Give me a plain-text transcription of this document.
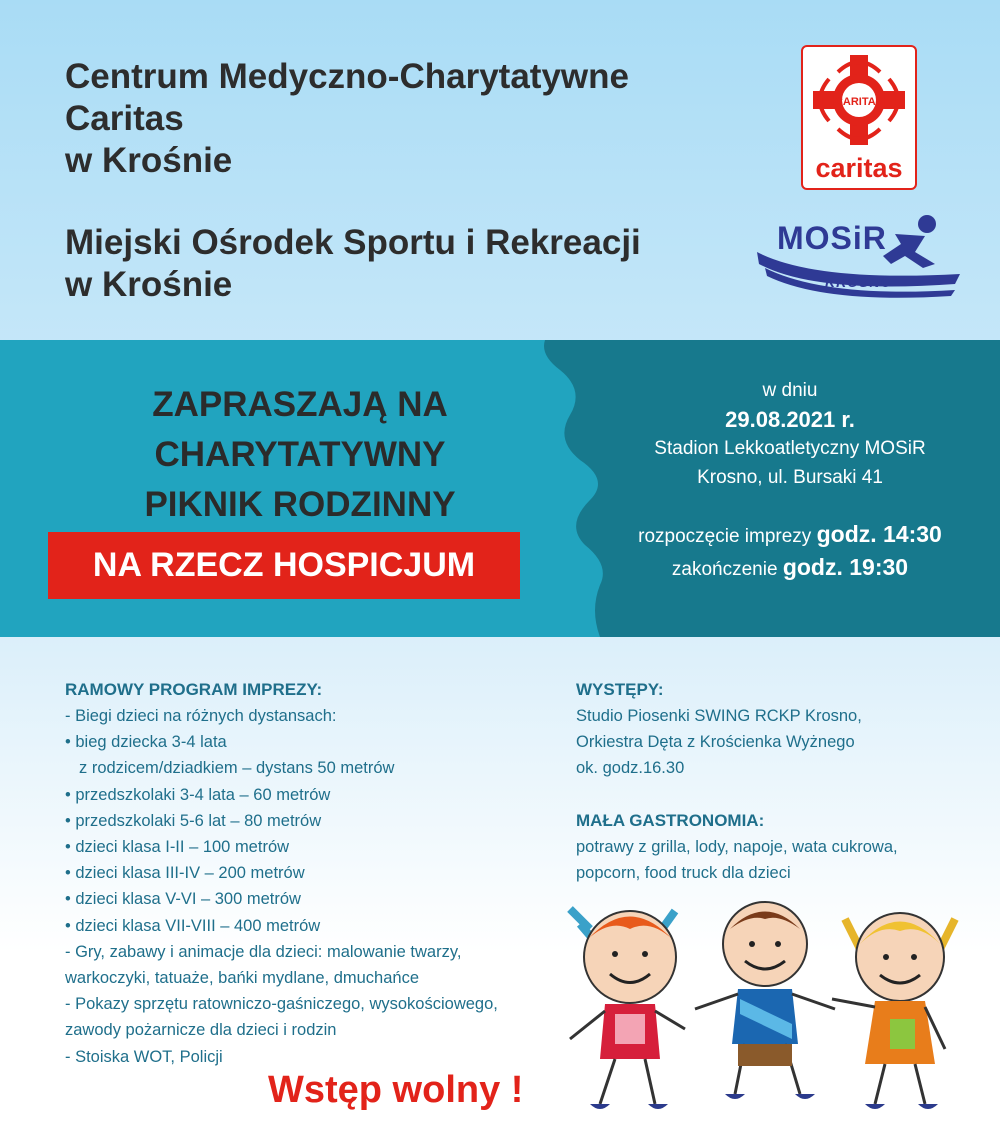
Centrum Medyczno-Charytatywne
Caritas
w Krośnie
Miejski Ośrodek Sportu i Rekreacji
w Krośnie
CARITAS
caritas
MOSiR
KROSNO
ZAPRASZAJĄ NA
CHARYTATYWNY
PIKNIK RODZINNY
NA RZECZ HOSPICJUM
w dniu
29.08.2021 r.
Stadion Lekkoatletyczny MOSiR
Krosno, ul. Bursaki 41
rozpoczęcie imprezy godz. 14:30
zakończenie godz. 19:30
RAMOWY PROGRAM IMPREZY:
- Biegi dzieci na różnych dystansach:
• bieg dziecka 3-4 lata
z rodzicem/dziadkiem – dystans 50 metrów
• przedszkolaki 3-4 lata – 60 metrów
• przedszkolaki 5-6 lat – 80 metrów
• dzieci klasa I-II – 100 metrów
• dzieci klasa III-IV – 200 metrów
• dzieci klasa V-VI – 300 metrów
• dzieci klasa VII-VIII – 400 metrów
- Gry, zabawy i animacje dla dzieci: malowanie twarzy,
warkoczyki, tatuaże, bańki mydlane, dmuchańce
- Pokazy sprzętu ratowniczo-gaśniczego, wysokościowego,
zawody pożarnicze dla dzieci i rodzin
- Stoiska WOT, Policji
WYSTĘPY:
Studio Piosenki SWING RCKP Krosno,
Orkiestra Dęta z Krościenka Wyżnego
ok. godz.16.30
MAŁA GASTRONOMIA:
potrawy z grilla, lody, napoje, wata cukrowa,
popcorn, food truck dla dzieci
Wstęp wolny !
